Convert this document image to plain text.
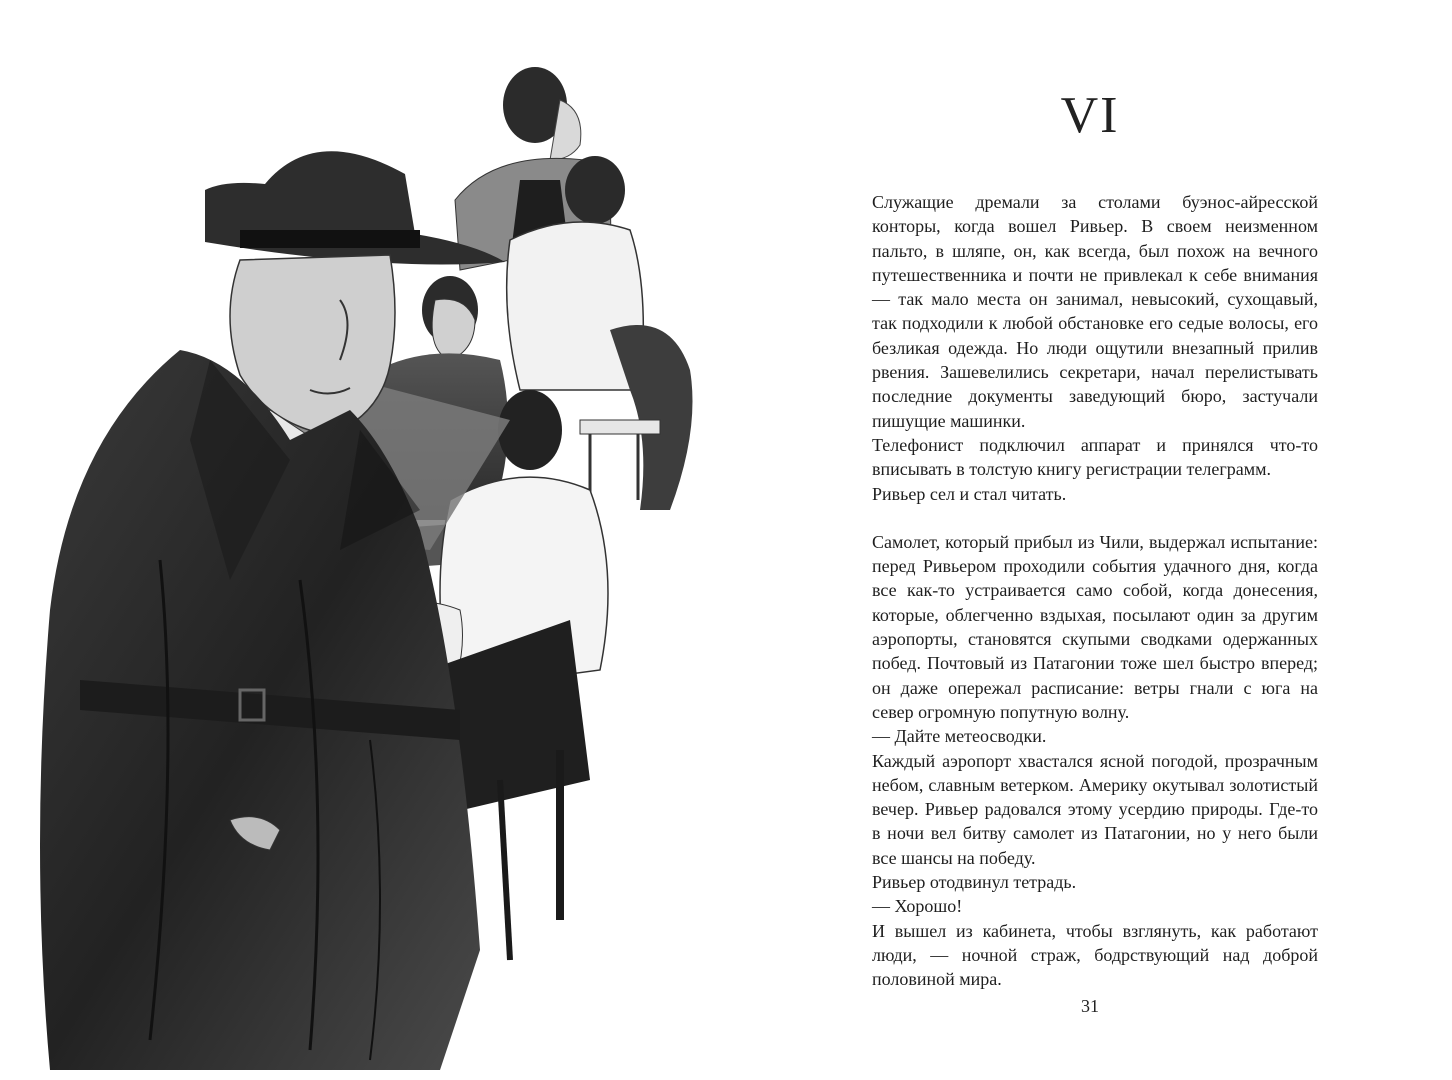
VI

Служащие дремали за столами буэнос-айресской конторы, когда вошел Ривьер. В своем неизменном пальто, в шляпе, он, как всегда, был похож на вечного путешественника и почти не привлекал к себе внимания — так мало места он занимал, невысокий, сухощавый, так подходили к любой обстановке его седые волосы, его безликая одежда. Но люди ощутили внезапный прилив рвения. Зашевелились секретари, начал перелистывать последние документы заведующий бюро, застучали пишущие машинки.

Телефонист подключил аппарат и принялся что-то вписывать в толстую книгу регистрации телеграмм.

Ривьер сел и стал читать.

Самолет, который прибыл из Чили, выдержал испытание: перед Ривьером проходили события удачного дня, когда все как-то устраивается само собой, когда донесения, которые, облегченно вздыхая, посылают один за другим аэропорты, становятся скупыми сводками одержанных побед. Почтовый из Патагонии тоже шел быстро вперед; он даже опережал расписание: ветры гнали с юга на север огромную попутную волну.

— Дайте метеосводки.

Каждый аэропорт хвастался ясной погодой, прозрачным небом, славным ветерком. Америку окутывал золотистый вечер. Ривьер радовался этому усердию природы. Где-то в ночи вел битву самолет из Патагонии, но у него были все шансы на победу.

Ривьер отодвинул тетрадь.

— Хорошо!

И вышел из кабинета, чтобы взглянуть, как работают люди, — ночной страж, бодрствующий над доброй половиной мира.

31
